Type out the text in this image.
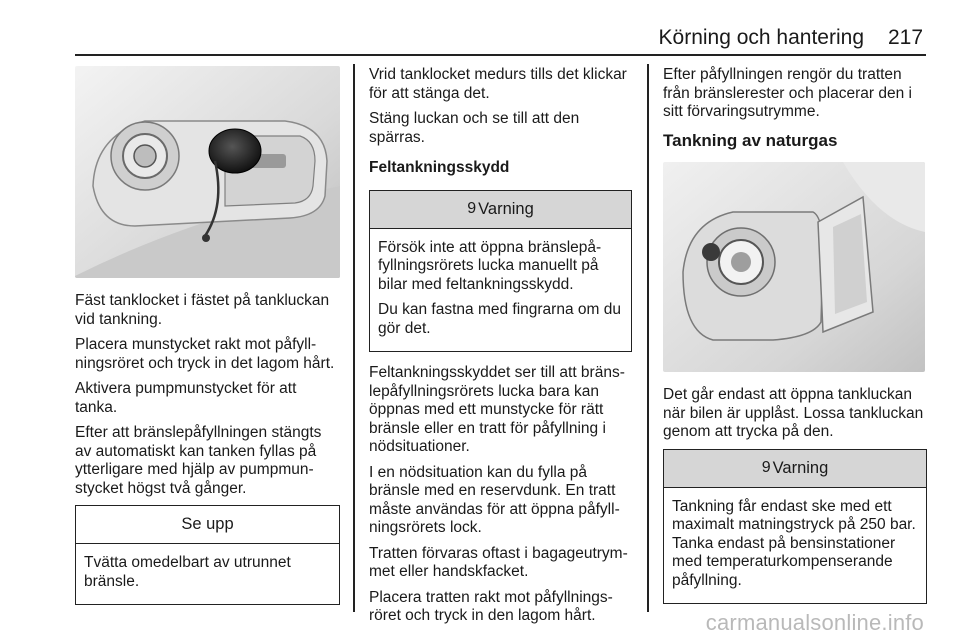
Körning och hantering 217

Fäst tanklocket i fästet på tankluckan vid tankning.

Placera munstycket rakt mot påfyllningsröret och tryck in det lagom hårt.

Aktivera pumpmunstycket för att tanka.

Efter att bränslepåfyllningen stängts av automatiskt kan tanken fyllas på ytterligare med hjälp av pumpmunstycket högst två gånger.

Se upp

Tvätta omedelbart av utrunnet bränsle.

Vrid tanklocket medurs tills det klickar för att stänga det.

Stäng luckan och se till att den spärras.

Feltankningsskydd
9 Varning

Försök inte att öppna bränslepåfyllningsrörets lucka manuellt på bilar med feltankningsskydd.

Du kan fastna med fingrarna om du gör det.

Feltankningsskyddet ser till att bränslepåfyllningsrörets lucka bara kan öppnas med ett munstycke för rätt bränsle eller en tratt för påfyllning i nödsituationer.

I en nödsituation kan du fylla på bränsle med en reservdunk. En tratt måste användas för att öppna påfyllningsrörets lock.

Tratten förvaras oftast i bagageutrymmet eller handskfacket.

Placera tratten rakt mot påfyllningsröret och tryck in den lagom hårt.

Efter påfyllningen rengör du tratten från bränslerester och placerar den i sitt förvaringsutrymme.

Tankning av naturgas

Det går endast att öppna tankluckan när bilen är upplåst. Lossa tankluckan genom att trycka på den.

9 Varning

Tankning får endast ske med ett maximalt matningstryck på 250 bar. Tanka endast på bensinstationer med temperaturkompenserande påfyllning.

carmanualsonline.info
